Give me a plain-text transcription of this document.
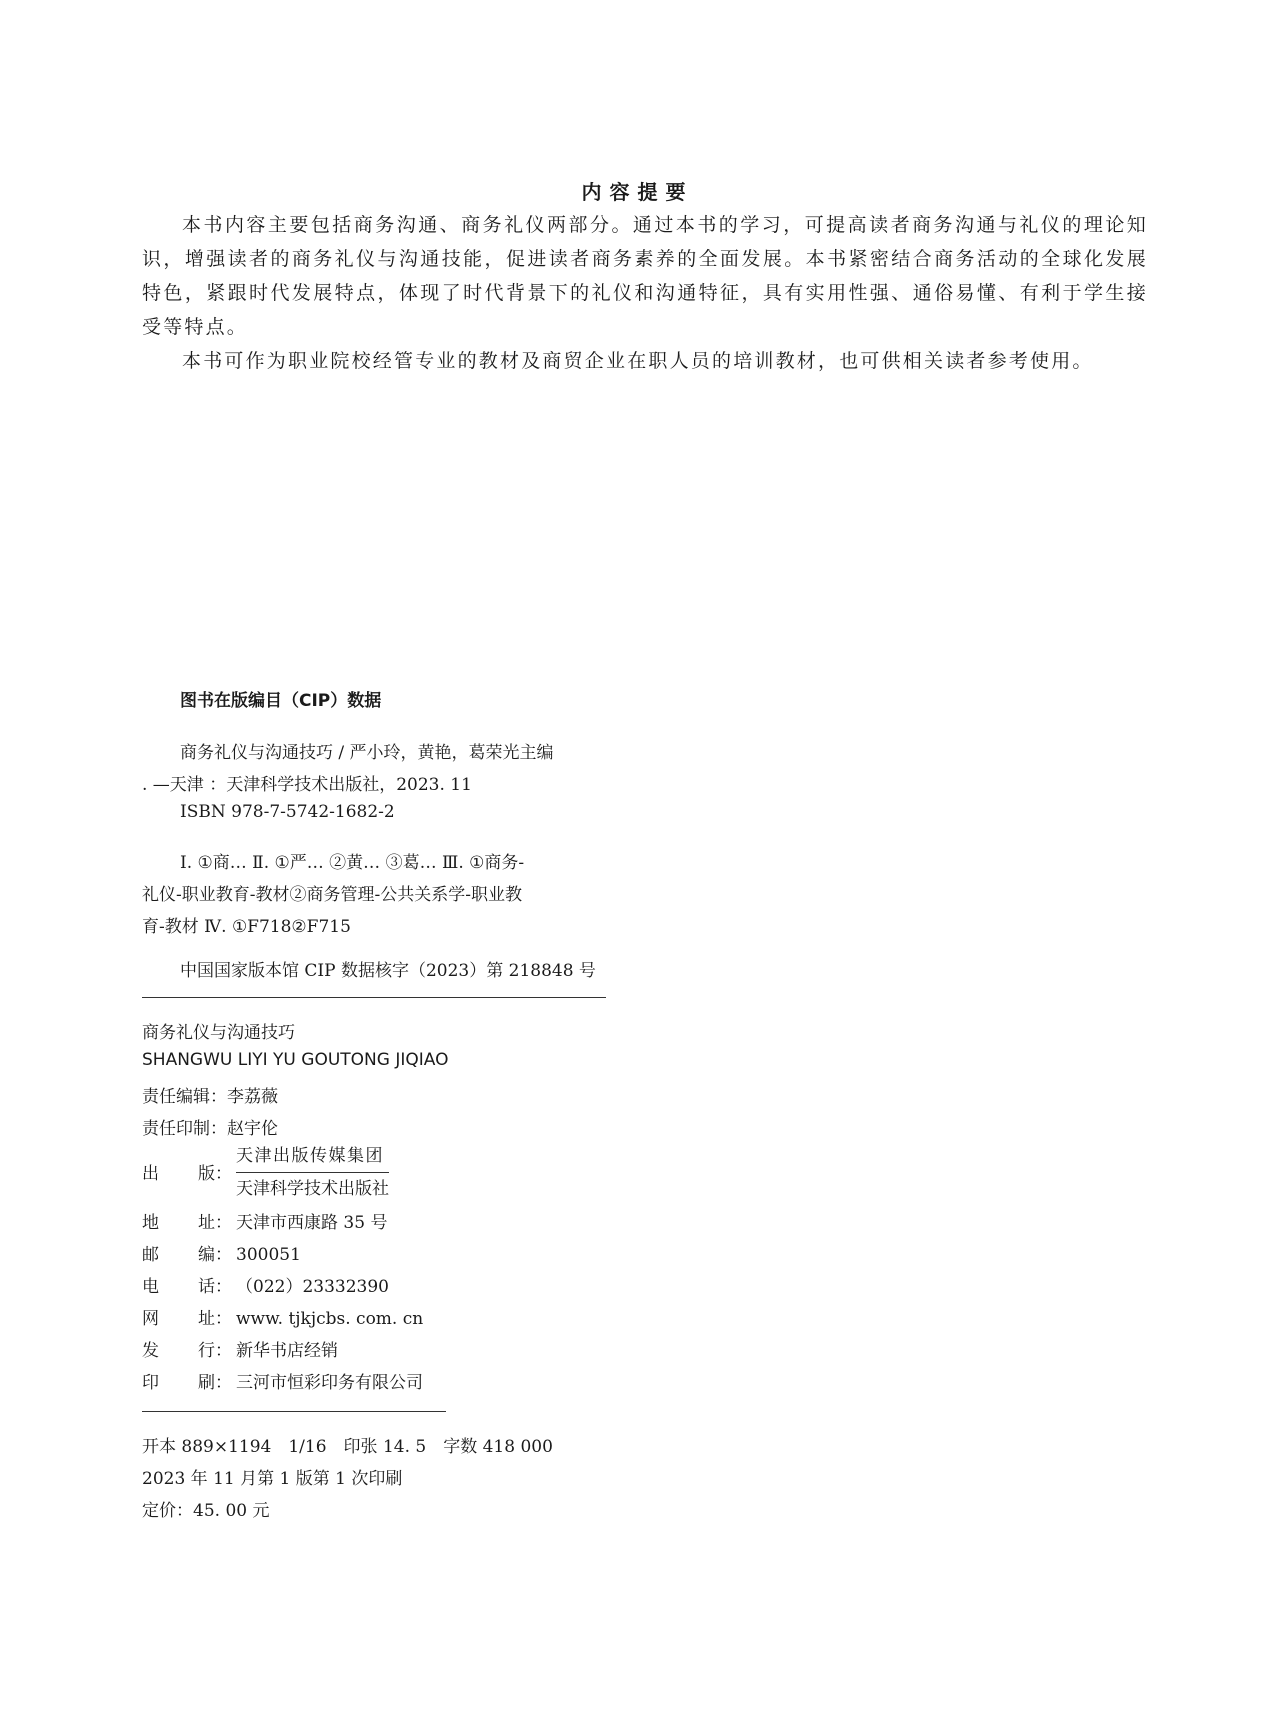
内容提要

本书内容主要包括商务沟通、商务礼仪两部分。通过本书的学习，可提高读者商务沟通与礼仪的理论知识，增强读者的商务礼仪与沟通技能，促进读者商务素养的全面发展。本书紧密结合商务活动的全球化发展特色，紧跟时代发展特点，体现了时代背景下的礼仪和沟通特征，具有实用性强、通俗易懂、有利于学生接受等特点。

本书可作为职业院校经管专业的教材及商贸企业在职人员的培训教材，也可供相关读者参考使用。

图书在版编目（CIP）数据
商务礼仪与沟通技巧 / 严小玲，黄艳，葛荣光主编
. —天津 ：天津科学技术出版社，2023. 11
ISBN 978-7-5742-1682-2
Ⅰ. ①商… Ⅱ. ①严… ②黄… ③葛… Ⅲ. ①商务-
礼仪-职业教育-教材②商务管理-公共关系学-职业教
育-教材 Ⅳ. ①F718②F715
中国国家版本馆 CIP 数据核字（2023）第 218848 号
商务礼仪与沟通技巧
SHANGWU LIYI YU GOUTONG JIQIAO
责任编辑：李荔薇
责任印制：赵宇伦
出 版：
天津出版传媒集团
天津科学技术出版社
地 址： 天津市西康路 35 号
邮 编： 300051
电 话： （022）23332390
网 址： www. tjkjcbs. com. cn
发 行： 新华书店经销
印 刷： 三河市恒彩印务有限公司
开本 889×1194　1/16　印张 14. 5　字数 418 000
2023 年 11 月第 1 版第 1 次印刷
定价：45. 00 元
